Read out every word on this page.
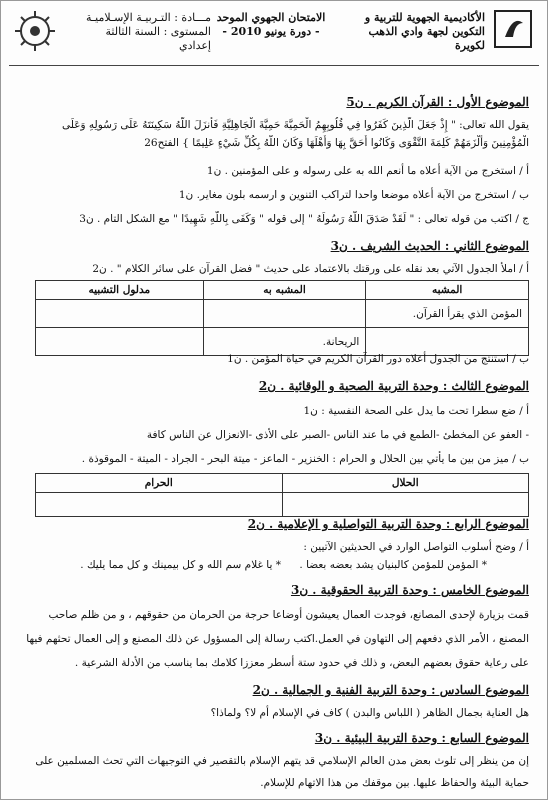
الأكاديمية الجهوية للتربية و
التكوين لجهة وادي الذهب لكويرة
الامتحان الجهوي الموحد
- دورة يونيو 2010 -
مـــادة : التـربيـة الإسـلاميـة
المستوى : السنة الثالثة إعدادي
الموضوع الأول : القرآن الكريم . ن5
يقول الله تعالى: " إِذْ جَعَلَ الَّذِينَ كَفَرُوا فِي قُلُوبِهِمُ الْحَمِيَّةَ حَمِيَّةَ الْجَاهِلِيَّةِ فَأَنزَلَ اللَّهُ سَكِينَتَهُ عَلَى رَسُولِهِ وَعَلَى
الْمُؤْمِنِينَ وَأَلْزَمَهُمْ كَلِمَةَ التَّقْوَى وَكَانُوا أَحَقَّ بِهَا وَأَهْلَهَا وَكَانَ اللَّهُ بِكُلِّ شَيْءٍ عَلِيمًا } الفتح26
أ / استخرج من الآية أعلاه ما أنعم الله به على رسوله و على المؤمنين . ن1
ب / استخرج من الآية أعلاه موضعا واحدا لتراكب التنوين و ارسمه بلون مغاير. ن1
ج / اكتب من قوله تعالى : " لَقَدْ صَدَقَ اللَّهُ رَسُولَهُ " إلى قوله " وَكَفَى بِاللَّهِ شَهِيدًا " مع الشكل التام . ن3
الموضوع الثاني : الحديث الشريف . ن3
أ / املأ الجدول الآتي بعد نقله على ورقتك بالاعتماد على حديث " فضل القرآن على سائر الكلام " . ن2
المشبه	المشبه به	مدلول التشبيه
المؤمن الذي يقرأ القرآن.		
	الريحانة.	
ب / استنتج من الجدول أعلاه دور القرآن الكريم في حياة المؤمن . ن1
الموضوع الثالث : وحدة التربية الصحية و الوقائية . ن2
أ / ضع سطرا تحت ما يدل على الصحة النفسية : ن1
- العفو عن المخطئ -الطمع في ما عند الناس -الصبر على الأذى -الانعزال عن الناس كافة
ب / ميز من بين ما يأتي بين الحلال و الحرام : الخنزير - الماعز - ميتة البحر - الجراد - الميتة - الموقوذة .
الحلال	الحرام

الموضوع الرابع : وحدة التربية التواصلية و الإعلامية . ن2
أ / وضح أسلوب التواصل الوارد في الحديثين الآتيين :
* المؤمن للمؤمن كالبنيان يشد بعضه بعضا .
* يا غلام سم الله و كل بيمينك و كل مما يليك .
الموضوع الخامس : وحدة التربية الحقوقية . ن3
قمت بزيارة لإحدى المصانع، فوجدت العمال يعيشون أوضاعا حرجة من الحرمان من حقوقهم ، و من ظلم صاحب
المصنع ، الأمر الذي دفعهم إلى التهاون في العمل.اكتب رسالة إلى المسؤول عن ذلك المصنع و إلى العمال تحثهم فيها
على رعاية حقوق بعضهم البعض، و ذلك في حدود ستة أسطر معززا كلامك بما يناسب من الأدلة الشرعية .
الموضوع السادس : وحدة التربية الفنية و الجمالية . ن2
هل العناية بجمال الظاهر ( اللباس والبدن ) كاف في الإسلام أم لا؟ ولماذا؟
الموضوع السابع : وحدة التربية البيئية . ن3
إن من ينظر إلى تلوث بعض مدن العالم الإسلامي قد يتهم الإسلام بالتقصير في التوجيهات التي تحث المسلمين على
حماية البيئة والحفاظ عليها. بين موقفك من هذا الاتهام للإسلام.
